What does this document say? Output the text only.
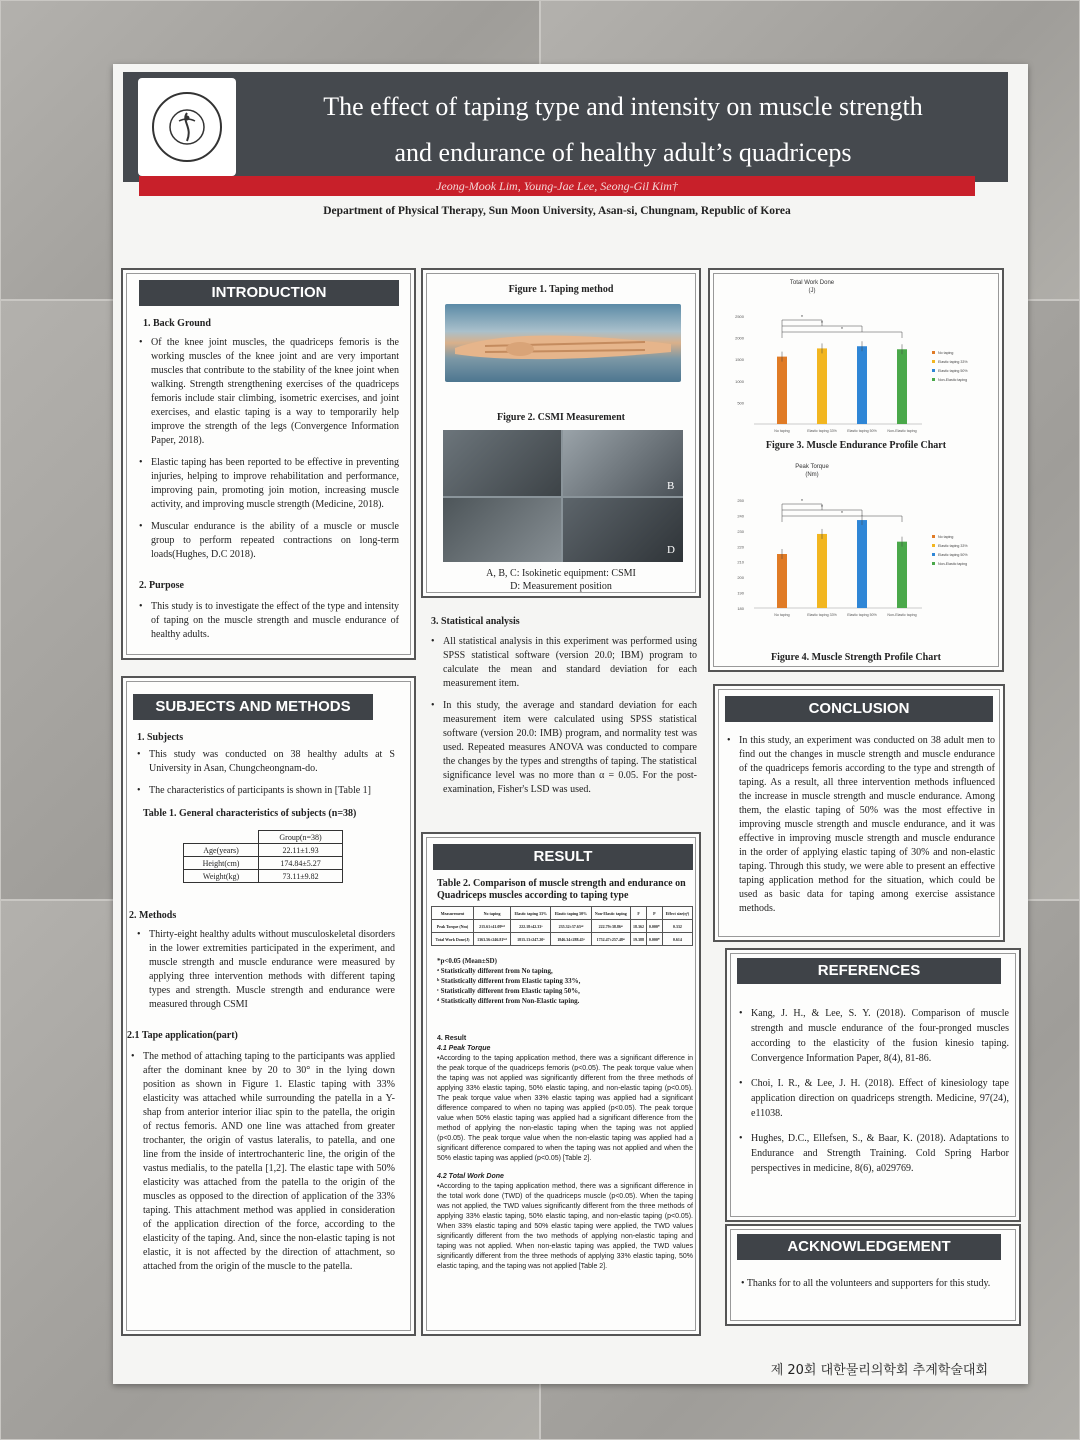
The effect of taping type and intensity on muscle strength
and endurance of healthy adult’s quadriceps
Jeong-Mook Lim, Young-Jae Lee, Seong-Gil Kim†
Department of Physical Therapy, Sun Moon University, Asan-si, Chungnam, Republic of Korea
INTRODUCTION
1. Back Ground
• Of the knee joint muscles, the quadriceps femoris is the working muscles of the knee joint and are very important muscles that contribute to the stability of the knee joint when walking. Strength strengthening exercises of the quadriceps femoris include stair climbing, isometric exercises, and joint exercises, and elastic taping is a way to temporarily help improve the strength of the legs (Convergence Information Paper, 2018).
• Elastic taping has been reported to be effective in preventing injuries, helping to improve rehabilitation and performance, improving pain, promoting join motion, increasing muscle activity, and improving muscle strength (Medicine, 2018).
• Muscular endurance is the ability of a muscle or muscle group to perform repeated contractions on long-term loads(Hughes, D.C 2018).
2. Purpose
• This study is to investigate the effect of the type and intensity of taping on the muscle strength and muscle endurance of healthy adults.
SUBJECTS AND METHODS
1. Subjects
• This study was conducted on 38 healthy adults at S University in Asan, Chungcheongnam-do.
• The characteristics of participants is shown in [Table 1]
Table 1. General characteristics of subjects (n=38)
	Group(n=38)
Age(years)	22.11±1.93
Height(cm)	174.84±5.27
Weight(kg)	73.11±9.82
2. Methods
• Thirty-eight healthy adults without musculoskeletal disorders in the lower extremities participated in the experiment, and muscle strength and muscle endurance were measured by applying three intervention methods with different taping types and strength. Muscle strength and endurance were measured through CSMI
2.1 Tape application(part)
• The method of attaching taping to the participants was applied after the dominant knee by 20 to 30° in the lying down position as shown in Figure 1. Elastic taping with 33% elasticity was attached while surrounding the patella in a Y-shap from anterior interior iliac spin to the patella, the origin of rectus femoris. AND one line was attached from greater trochanter, the origin of vastus lateralis, to patella, and one line from the inside of intertrochanteric line, the origin of the vastus medialis, to the patella [1,2]. The elastic tape with 50% elasticity was attached from the patella to the origin of the muscles as opposed to the direction of application of the 33% taping. This attachment method was applied in consideration of the application direction of the force, according to the elasticity of the taping. And, since the non-elastic taping is not elastic, it is not affected by the direction of attachment, so attached from the origin of the muscle to the patella.
Figure 1. Taping method
Figure 2. CSMI Measurement
B
D
A, B, C: Isokinetic equipment: CSMI
D: Measurement position
3. Statistical analysis
• All statistical analysis in this experiment was performed using SPSS statistical software (version 20.0; IBM) program to calculate the mean and standard deviation for each measurement item.
• In this study, the average and standard deviation for each measurement item were calculated using SPSS statistical software (version 20.0: IMB) program, and normality test was used. Repeated measures ANOVA was conducted to compare the changes by the types and strengths of taping. The statistical significance level was no more than α = 0.05. For the post-examination, Fisher's LSD was used.
RESULT
Table 2. Comparison of muscle strength and endurance on Quadriceps muscles according to taping type
Measurement	No taping	Elastic taping 33%	Elastic taping 50%	Non-Elastic taping	F	P	Effect size(η²)
Peak Torque (Nm)	215.61±41.09ᵇᶜᵈ	222.18±42.33ᵃ	235.32±37.63ᵃᵈ	222.79±38.86ᵃᶜ	18.362	0.000*	0.332
Total Work Done(J)	1363.56±246.81ᵇᶜᵈ	1815.13±247.20ᵃ	1846.34±288.45ᵃ	1752.47±257.48ᵃᶜ	19.388	0.000*	0.614
*p<0.05 (Mean±SD)
ᵃ Statistically different from No taping,
ᵇ Statistically different from Elastic taping 33%,
ᶜ Statistically different from Elastic taping 50%,
ᵈ Statistically different from Non-Elastic taping.
4. Result
4.1 Peak Torque
•According to the taping application method, there was a significant difference in the peak torque of the quadriceps femoris (p<0.05). The peak torque value when the taping was not applied was significantly different from the three methods of applying 33% elastic taping, 50% elastic taping, and non-elastic taping (p<0.05). The peak torque value when 33% elastic taping was applied had a significant difference compared to when no taping was applied (p<0.05). The peak torque value when 50% elastic taping was applied had a significant difference from the method of applying the non-elastic taping when the taping was not applied (p<0.05). The peak torque value when the non-elastic taping was applied had a significant difference compared to when the taping was not applied and when the 50% elastic taping was applied (p<0.05) [Table 2].
4.2 Total Work Done
•According to the taping application method, there was a significant difference in the total work done (TWD) of the quadriceps muscle (p<0.05). When the taping was not applied, the TWD values significantly different from the three methods of applying 33% elastic taping, 50% elastic taping, and non-elastic taping (p<0.05). When 33% elastic taping and 50% elastic taping were applied, the TWD values significantly different from the two methods of applying non-elastic taping and taping was not applied. When non-elastic taping was applied, the TWD values significantly different from the three methods of applying 33% elastic taping, 50% elastic taping, and the taping was not applied [Table 2].
Total Work Done
(J)
2500
2000
1500
1000
500
No taping	Elastic taping 33%	Elastic taping 50%	Non-Elastic taping
*
*
*
No taping
Elastic taping 33%
Elastic taping 50%
Non-Elastic taping
Figure 3. Muscle Endurance Profile Chart
Peak Torque
(Nm)
250
240
230
220
210
200
190
180
No taping	Elastic taping 33%	Elastic taping 50%	Non-Elastic taping
*
*
*
No taping
Elastic taping 33%
Elastic taping 50%
Non-Elastic taping
Figure 4. Muscle Strength Profile Chart
CONCLUSION
• In this study, an experiment was conducted on 38 adult men to find out the changes in muscle strength and muscle endurance of the quadriceps femoris according to the type and strength of taping. As a result, all three intervention methods influenced the increase in muscle strength and muscle endurance. Among them, the elastic taping of 50% was the most effective in improving muscle strength and muscle endurance, and it was effective in improving muscle strength and muscle endurance in the order of applying elastic taping of 30% and non-elastic taping. Through this study, we were able to present an effective taping application method for the situation, which could be used as basic data for taping among exercise assistance methods.
REFERENCES
• Kang, J. H., & Lee, S. Y. (2018). Comparison of muscle strength and muscle endurance of the four-pronged muscles according to the elasticity of the fusion kinesio taping. Convergence Information Paper, 8(4), 81-86.
• Choi, I. R., & Lee, J. H. (2018). Effect of kinesiology tape application direction on quadriceps strength. Medicine, 97(24), e11038.
• Hughes, D.C., Ellefsen, S., & Baar, K. (2018). Adaptations to Endurance and Strength Training. Cold Spring Harbor perspectives in medicine, 8(6), a029769.
ACKNOWLEDGEMENT
• Thanks for to all the volunteers and supporters for this study.
제 20회 대한물리의학회 추계학술대회
